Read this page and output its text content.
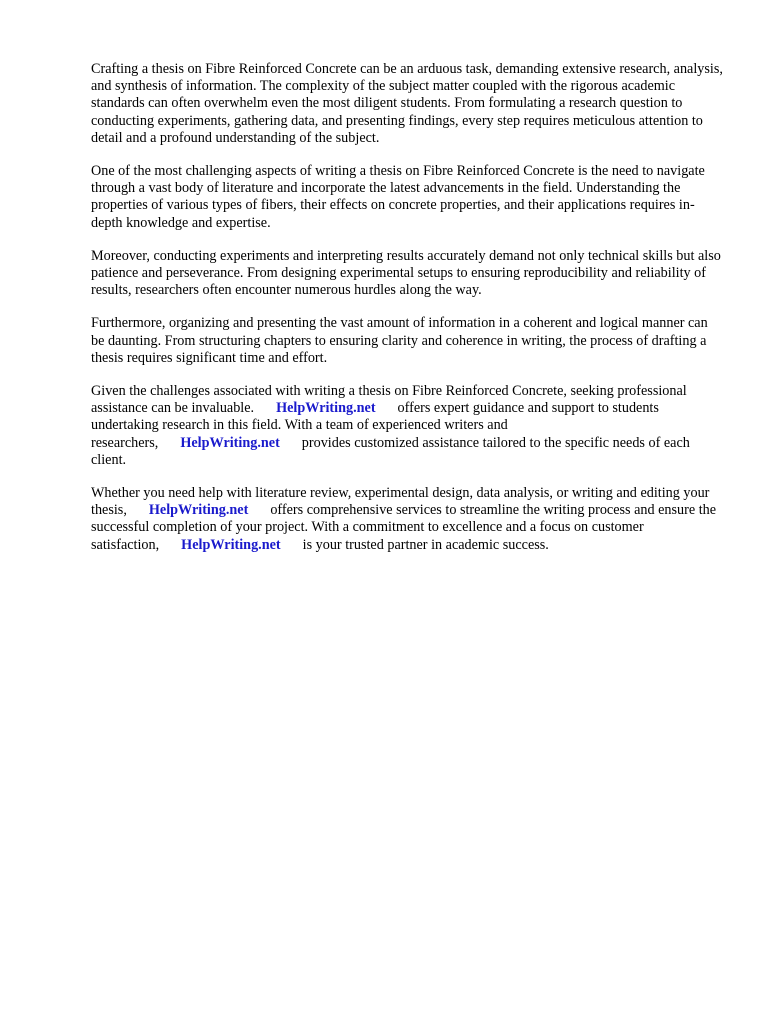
Crafting a thesis on Fibre Reinforced Concrete can be an arduous task, demanding extensive research, analysis, and synthesis of information. The complexity of the subject matter coupled with the rigorous academic standards can often overwhelm even the most diligent students. From formulating a research question to conducting experiments, gathering data, and presenting findings, every step requires meticulous attention to detail and a profound understanding of the subject.

One of the most challenging aspects of writing a thesis on Fibre Reinforced Concrete is the need to navigate through a vast body of literature and incorporate the latest advancements in the field. Understanding the properties of various types of fibers, their effects on concrete properties, and their applications requires in-depth knowledge and expertise.

Moreover, conducting experiments and interpreting results accurately demand not only technical skills but also patience and perseverance. From designing experimental setups to ensuring reproducibility and reliability of results, researchers often encounter numerous hurdles along the way.

Furthermore, organizing and presenting the vast amount of information in a coherent and logical manner can be daunting. From structuring chapters to ensuring clarity and coherence in writing, the process of drafting a thesis requires significant time and effort.

Given the challenges associated with writing a thesis on Fibre Reinforced Concrete, seeking professional assistance can be invaluable. HelpWriting.net offers expert guidance and support to students undertaking research in this field. With a team of experienced writers and researchers, HelpWriting.net provides customized assistance tailored to the specific needs of each client.

Whether you need help with literature review, experimental design, data analysis, or writing and editing your thesis, HelpWriting.net offers comprehensive services to streamline the writing process and ensure the successful completion of your project. With a commitment to excellence and a focus on customer satisfaction, HelpWriting.net is your trusted partner in academic success.
